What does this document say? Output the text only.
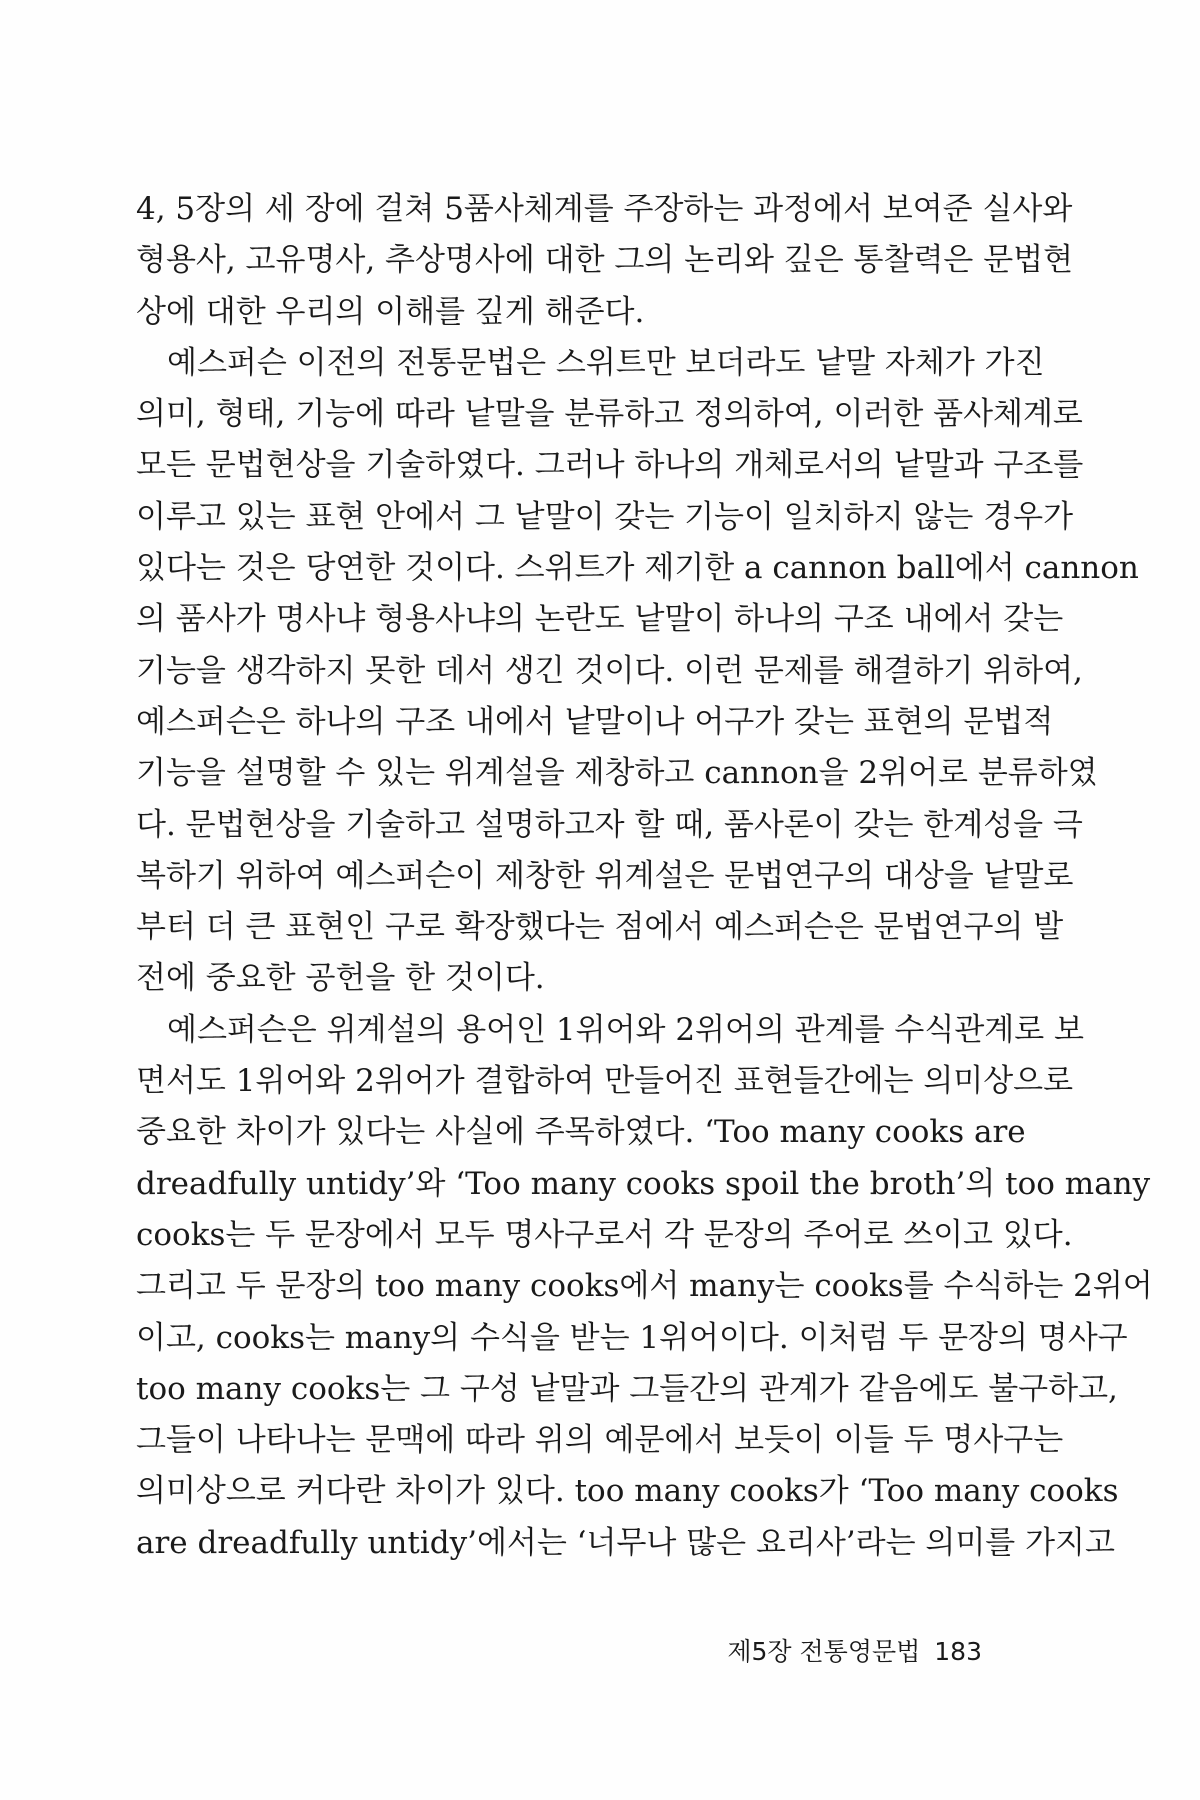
4, 5장의 세 장에 걸쳐 5품사체계를 주장하는 과정에서 보여준 실사와
형용사, 고유명사, 추상명사에 대한 그의 논리와 깊은 통찰력은 문법현
상에 대한 우리의 이해를 깊게 해준다.
예스퍼슨 이전의 전통문법은 스위트만 보더라도 낱말 자체가 가진
의미, 형태, 기능에 따라 낱말을 분류하고 정의하여, 이러한 품사체계로
모든 문법현상을 기술하였다. 그러나 하나의 개체로서의 낱말과 구조를
이루고 있는 표현 안에서 그 낱말이 갖는 기능이 일치하지 않는 경우가
있다는 것은 당연한 것이다. 스위트가 제기한 a cannon ball에서 cannon
의 품사가 명사냐 형용사냐의 논란도 낱말이 하나의 구조 내에서 갖는
기능을 생각하지 못한 데서 생긴 것이다. 이런 문제를 해결하기 위하여,
예스퍼슨은 하나의 구조 내에서 낱말이나 어구가 갖는 표현의 문법적
기능을 설명할 수 있는 위계설을 제창하고 cannon을 2위어로 분류하였
다. 문법현상을 기술하고 설명하고자 할 때, 품사론이 갖는 한계성을 극
복하기 위하여 예스퍼슨이 제창한 위계설은 문법연구의 대상을 낱말로
부터 더 큰 표현인 구로 확장했다는 점에서 예스퍼슨은 문법연구의 발
전에 중요한 공헌을 한 것이다.
예스퍼슨은 위계설의 용어인 1위어와 2위어의 관계를 수식관계로 보
면서도 1위어와 2위어가 결합하여 만들어진 표현들간에는 의미상으로
중요한 차이가 있다는 사실에 주목하였다. ‘Too many cooks are
dreadfully untidy’와 ‘Too many cooks spoil the broth’의 too many
cooks는 두 문장에서 모두 명사구로서 각 문장의 주어로 쓰이고 있다.
그리고 두 문장의 too many cooks에서 many는 cooks를 수식하는 2위어
이고, cooks는 many의 수식을 받는 1위어이다. 이처럼 두 문장의 명사구
too many cooks는 그 구성 낱말과 그들간의 관계가 같음에도 불구하고,
그들이 나타나는 문맥에 따라 위의 예문에서 보듯이 이들 두 명사구는
의미상으로 커다란 차이가 있다. too many cooks가 ‘Too many cooks
are dreadfully untidy’에서는 ‘너무나 많은 요리사’라는 의미를 가지고
제5장 전통영문법 183
